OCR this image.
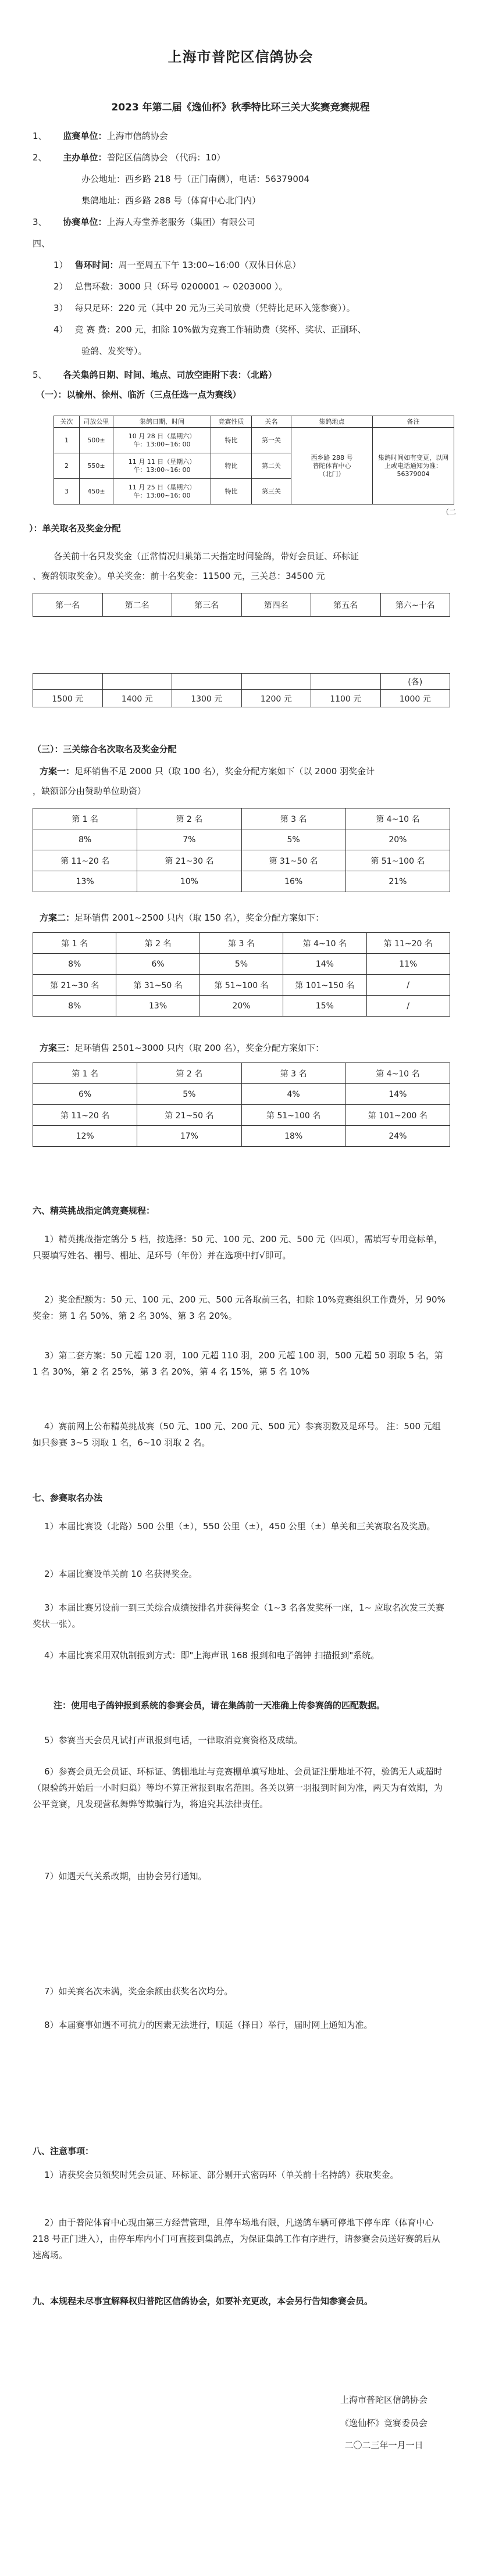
上海市普陀区信鸽协会
2023 年第二届《逸仙杯》秋季特比环三关大奖赛竞赛规程
1、 监赛单位：上海市信鸽协会
2、 主办单位：普陀区信鸽协会 （代码：10）
办公地址：西乡路 218 号（正门南侧），电话：56379004
集鸽地址：西乡路 288 号（体育中心北门内）
3、 协赛单位：上海人寿堂养老服务（集团）有限公司
四、
1） 售环时间：周一至周五下午 13:00~16:00（双休日休息）
2） 总售环数：3000 只（环号 0200001 ~ 0203000 ）。
3） 每只足环：220 元（其中 20 元为三关司放费（凭特比足环入笼参赛））。
4） 竞 赛 费：200 元，扣除 10%做为竞赛工作辅助费（奖杯、奖状、正副环、
验鸽、发奖等）。
5、 各关集鸽日期、时间、地点、司放空距附下表：（北路）
（一）：以榆州、徐州、临沂（三点任选一点为赛线）
关次	司放公里	集鸽日期、时间	竞赛性质	关名	集鸽地点	备注
1	500±	10 月 28 日（星期六）
午：13:00~16: 00	特比	第一关	西乡路 288 号
普陀体育中心
（北门）	集鸽时间如有变更，以网上或电话通知为准：56379004
2	550±	11 月 11 日（星期六）
午：13:00~16: 00	特比	第二关		
3	450±	11 月 25 日（星期六）
午：13:00~16: 00	特比	第三关		
（二
）：单关取名及奖金分配
各关前十名只发奖金（正常情况归巢第二天指定时间验鸽，带好会员证、环标证
、赛鸽领取奖金）。单关奖金：前十名奖金：11500 元，三关总：34500 元
第一名	第二名	第三名	第四名	第五名	第六~十名
					(各)
1500 元	1400 元	1300 元	1200 元	1100 元	1000 元
（三）：三关综合名次取名及奖金分配
方案一：足环销售不足 2000 只（取 100 名），奖金分配方案如下（以 2000 羽奖金计
，缺额部分由赞助单位助资）
第 1 名	第 2 名	第 3 名	第 4~10 名
8%	7%	5%	20%
第 11~20 名	第 21~30 名	第 31~50 名	第 51~100 名
13%	10%	16%	21%
方案二：足环销售 2001~2500 只内（取 150 名），奖金分配方案如下：
第 1 名	第 2 名	第 3 名	第 4~10 名	第 11~20 名
8%	6%	5%	14%	11%
第 21~30 名	第 31~50 名	第 51~100 名	第 101~150 名	/
8%	13%	20%	15%	/
方案三：足环销售 2501~3000 只内（取 200 名），奖金分配方案如下：
第 1 名	第 2 名	第 3 名	第 4~10 名
6%	5%	4%	14%
第 11~20 名	第 21~50 名	第 51~100 名	第 101~200 名
12%	17%	18%	24%
六、精英挑战指定鸽竞赛规程：
1）精英挑战指定鸽分 5 档，按选择：50 元、100 元、200 元、500 元（四项），需填写专用竞标单，只要填写姓名、棚号、棚址、足环号（年份）并在选项中打√即可。
2）奖金配额为：50 元、100 元、200 元、500 元各取前三名，扣除 10%竞赛组织工作费外，另 90%奖金：第 1 名 50%、第 2 名 30%、第 3 名 20%。
3）第二套方案：50 元超 120 羽，100 元超 110 羽，200 元超 100 羽，500 元超 50 羽取 5 名，第 1 名 30%，第 2 名 25%，第 3 名 20%，第 4 名 15%，第 5 名 10%
4）赛前网上公布精英挑战赛（50 元、100 元、200 元、500 元）参赛羽数及足环号。 注：500 元组如只参赛 3~5 羽取 1 名，6~10 羽取 2 名。
七、参赛取名办法
1）本届比赛设（北路）500 公里（±），550 公里（±），450 公里（±）单关和三关赛取名及奖励。
2）本届比赛设单关前 10 名获得奖金。
3）本届比赛另设前一到三关综合成绩按排名并获得奖金（1~3 名各发奖杯一座，1~ 应取名次发三关赛奖状一张）。
4）本届比赛采用双轨制报到方式：即"上海声讯 168 报到和电子鸽钟 扫描报到"系统。
注：使用电子鸽钟报到系统的参赛会员，请在集鸽前一天准确上传参赛鸽的匹配数据。
5）参赛当天会员凡试打声讯报到电话，一律取消竞赛资格及成绩。
6）参赛会员无会员证、环标证、鸽棚地址与竞赛棚单填写地址、会员证注册地址不符，验鸽无人或超时（限验鸽开始后一小时归巢）等均不算正常报到取名范围。各关以第一羽报到时间为准，两天为有效期，为公平竞赛，凡发现营私舞弊等欺骗行为，将追究其法律责任。
7）如遇天气关系改期，由协会另行通知。
7）如关赛名次未满，奖金余额由获奖名次均分。
8）本届赛事如遇不可抗力的因素无法进行，顺延（择日）举行，届时网上通知为准。
八、注意事项：
1）请获奖会员领奖时凭会员证、环标证、部分剔开式密码环（单关前十名持鸽）获取奖金。
2）由于普陀体育中心现由第三方经营管理，且停车场地有限，凡送鸽车辆可停地下停车库（体育中心 218 号正门进入），由停车库内小门可直接到集鸽点，为保证集鸽工作有序进行，请参赛会员送好赛鸽后从速离场。
九、本规程未尽事宜解释权归普陀区信鸽协会，如要补充更改，本会另行告知参赛会员。
上海市普陀区信鸽协会
《逸仙杯》竞赛委员会
二〇二三年一月一日
